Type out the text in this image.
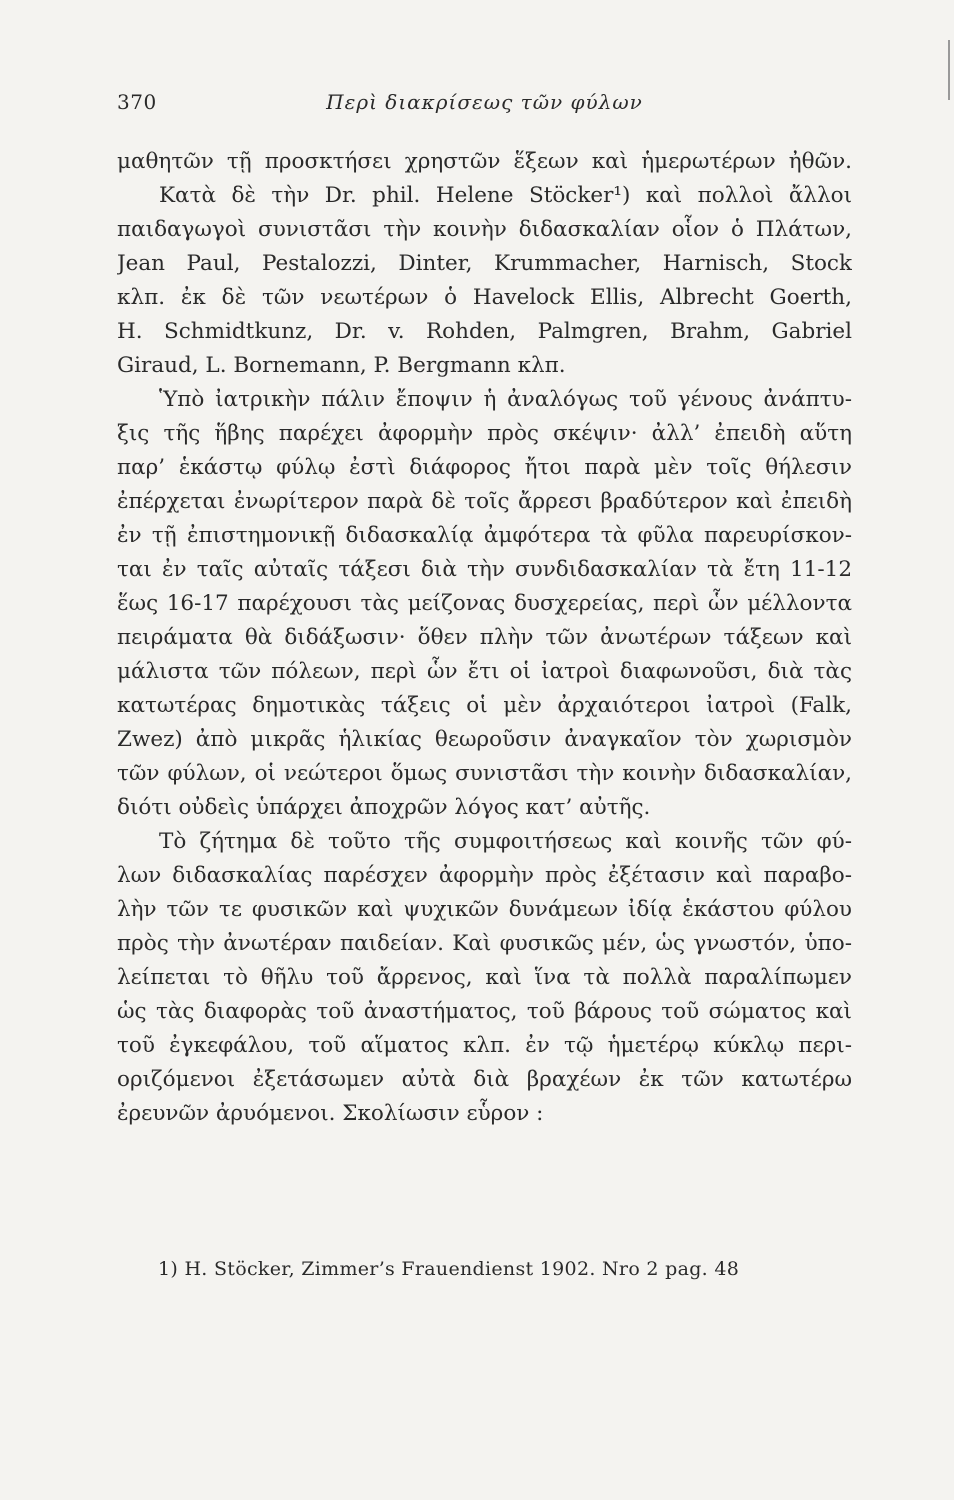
370	Περὶ διακρίσεως τῶν φύλων
μαθητῶν τῇ προσκτήσει χρηστῶν ἕξεων καὶ ἡμερωτέρων ἠθῶν.
Κατὰ δὲ τὴν Dr. phil. Helene Stöcker¹) καὶ πολλοὶ ἄλλοι
παιδαγωγοὶ συνιστᾶσι τὴν κοινὴν διδασκαλίαν οἷον ὁ Πλάτων,
Jean Paul, Pestalozzi, Dinter, Krummacher, Harnisch, Stock
κλπ. ἐκ δὲ τῶν νεωτέρων ὁ Havelock Ellis, Albrecht Goerth,
H. Schmidtkunz, Dr. v. Rohden, Palmgren, Brahm, Gabriel
Giraud, L. Bornemann, P. Bergmann κλπ.
Ὑπὸ ἰατρικὴν πάλιν ἔποψιν ἡ ἀναλόγως τοῦ γένους ἀνάπτυ-
ξις τῆς ἥβης παρέχει ἀφορμὴν πρὸς σκέψιν· ἀλλ’ ἐπειδὴ αὕτη
παρ’ ἑκάστῳ φύλῳ ἐστὶ διάφορος ἤτοι παρὰ μὲν τοῖς θήλεσιν
ἐπέρχεται ἐνωρίτερον παρὰ δὲ τοῖς ἄρρεσι βραδύτερον καὶ ἐπειδὴ
ἐν τῇ ἐπιστημονικῇ διδασκαλίᾳ ἀμφότερα τὰ φῦλα παρευρίσκον-
ται ἐν ταῖς αὐταῖς τάξεσι διὰ τὴν συνδιδασκαλίαν τὰ ἔτη 11-12
ἕως 16-17 παρέχουσι τὰς μείζονας δυσχερείας, περὶ ὧν μέλλοντα
πειράματα θὰ διδάξωσιν· ὅθεν πλὴν τῶν ἀνωτέρων τάξεων καὶ
μάλιστα τῶν πόλεων, περὶ ὧν ἔτι οἱ ἰατροὶ διαφωνοῦσι, διὰ τὰς
κατωτέρας δημοτικὰς τάξεις οἱ μὲν ἀρχαιότεροι ἰατροὶ (Falk,
Zwez) ἀπὸ μικρᾶς ἡλικίας θεωροῦσιν ἀναγκαῖον τὸν χωρισμὸν
τῶν φύλων, οἱ νεώτεροι ὅμως συνιστᾶσι τὴν κοινὴν διδασκαλίαν,
διότι οὐδεὶς ὑπάρχει ἀποχρῶν λόγος κατ’ αὐτῆς.
Τὸ ζήτημα δὲ τοῦτο τῆς συμφοιτήσεως καὶ κοινῆς τῶν φύ-
λων διδασκαλίας παρέσχεν ἀφορμὴν πρὸς ἐξέτασιν καὶ παραβο-
λὴν τῶν τε φυσικῶν καὶ ψυχικῶν δυνάμεων ἰδίᾳ ἑκάστου φύλου
πρὸς τὴν ἀνωτέραν παιδείαν. Καὶ φυσικῶς μέν, ὡς γνωστόν, ὑπο-
λείπεται τὸ θῆλυ τοῦ ἄρρενος, καὶ ἵνα τὰ πολλὰ παραλίπωμεν
ὡς τὰς διαφορὰς τοῦ ἀναστήματος, τοῦ βάρους τοῦ σώματος καὶ
τοῦ ἐγκεφάλου, τοῦ αἵματος κλπ. ἐν τῷ ἡμετέρῳ κύκλῳ περι-
οριζόμενοι ἐξετάσωμεν αὐτὰ διὰ βραχέων ἐκ τῶν κατωτέρω
ἐρευνῶν ἀρυόμενοι. Σκολίωσιν εὗρον :
1) H. Stöcker, Zimmer’s Frauendienst 1902. Nro 2 pag. 48
